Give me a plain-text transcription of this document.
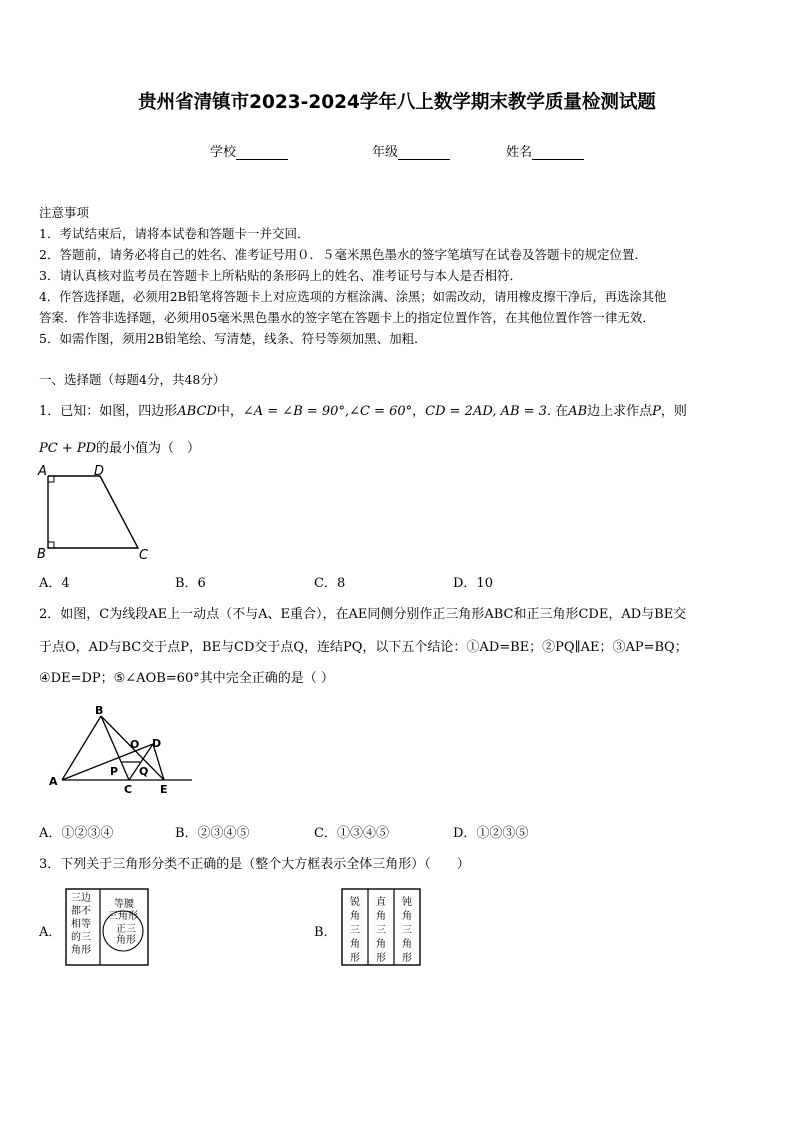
贵州省清镇市2023-2024学年八上数学期末教学质量检测试题
学校	年级	姓名
注意事项
1．考试结束后，请将本试卷和答题卡一并交回．
2．答题前，请务必将自己的姓名、准考证号用０．５毫米黑色墨水的签字笔填写在试卷及答题卡的规定位置．
3．请认真核对监考员在答题卡上所粘贴的条形码上的姓名、准考证号与本人是否相符．
4．作答选择题，必须用2B铅笔将答题卡上对应选项的方框涂满、涂黑；如需改动，请用橡皮擦干净后，再选涂其他
答案．作答非选择题，必须用05毫米黑色墨水的签字笔在答题卡上的指定位置作答，在其他位置作答一律无效．
5．如需作图，须用2B铅笔绘、写清楚，线条、符号等须加黑、加粗．
一、选择题（每题4分，共48分）
1．已知：如图，四边形ABCD中，∠A = ∠B = 90°,∠C = 60°，CD = 2AD, AB = 3. 在AB边上求作点P，则
PC + PD的最小值为（　）
A	D
B	C
A．4	B．6	C．8	D．10
2．如图，C为线段AE上一动点（不与A、E重合），在AE同侧分别作正三角形ABC和正三角形CDE，AD与BE交
于点O，AD与BC交于点P，BE与CD交于点Q，连结PQ，以下五个结论：①AD=BE；②PQ∥AE；③AP=BQ；
④DE=DP；⑤∠AOB=60°其中完全正确的是（ ）
B
O D
P Q
A
C	E
A．①②③④	B．②③④⑤	C．①③④⑤	D．①②③⑤
3．下列关于三角形分类不正确的是（整个大方框表示全体三角形）（　　）
A．
三边
都不
相等
的三
角形
等腰
三角形
正三
角形
B．
锐
角
三
角
形
直
角
三
角
形
钝
角
三
角
形
